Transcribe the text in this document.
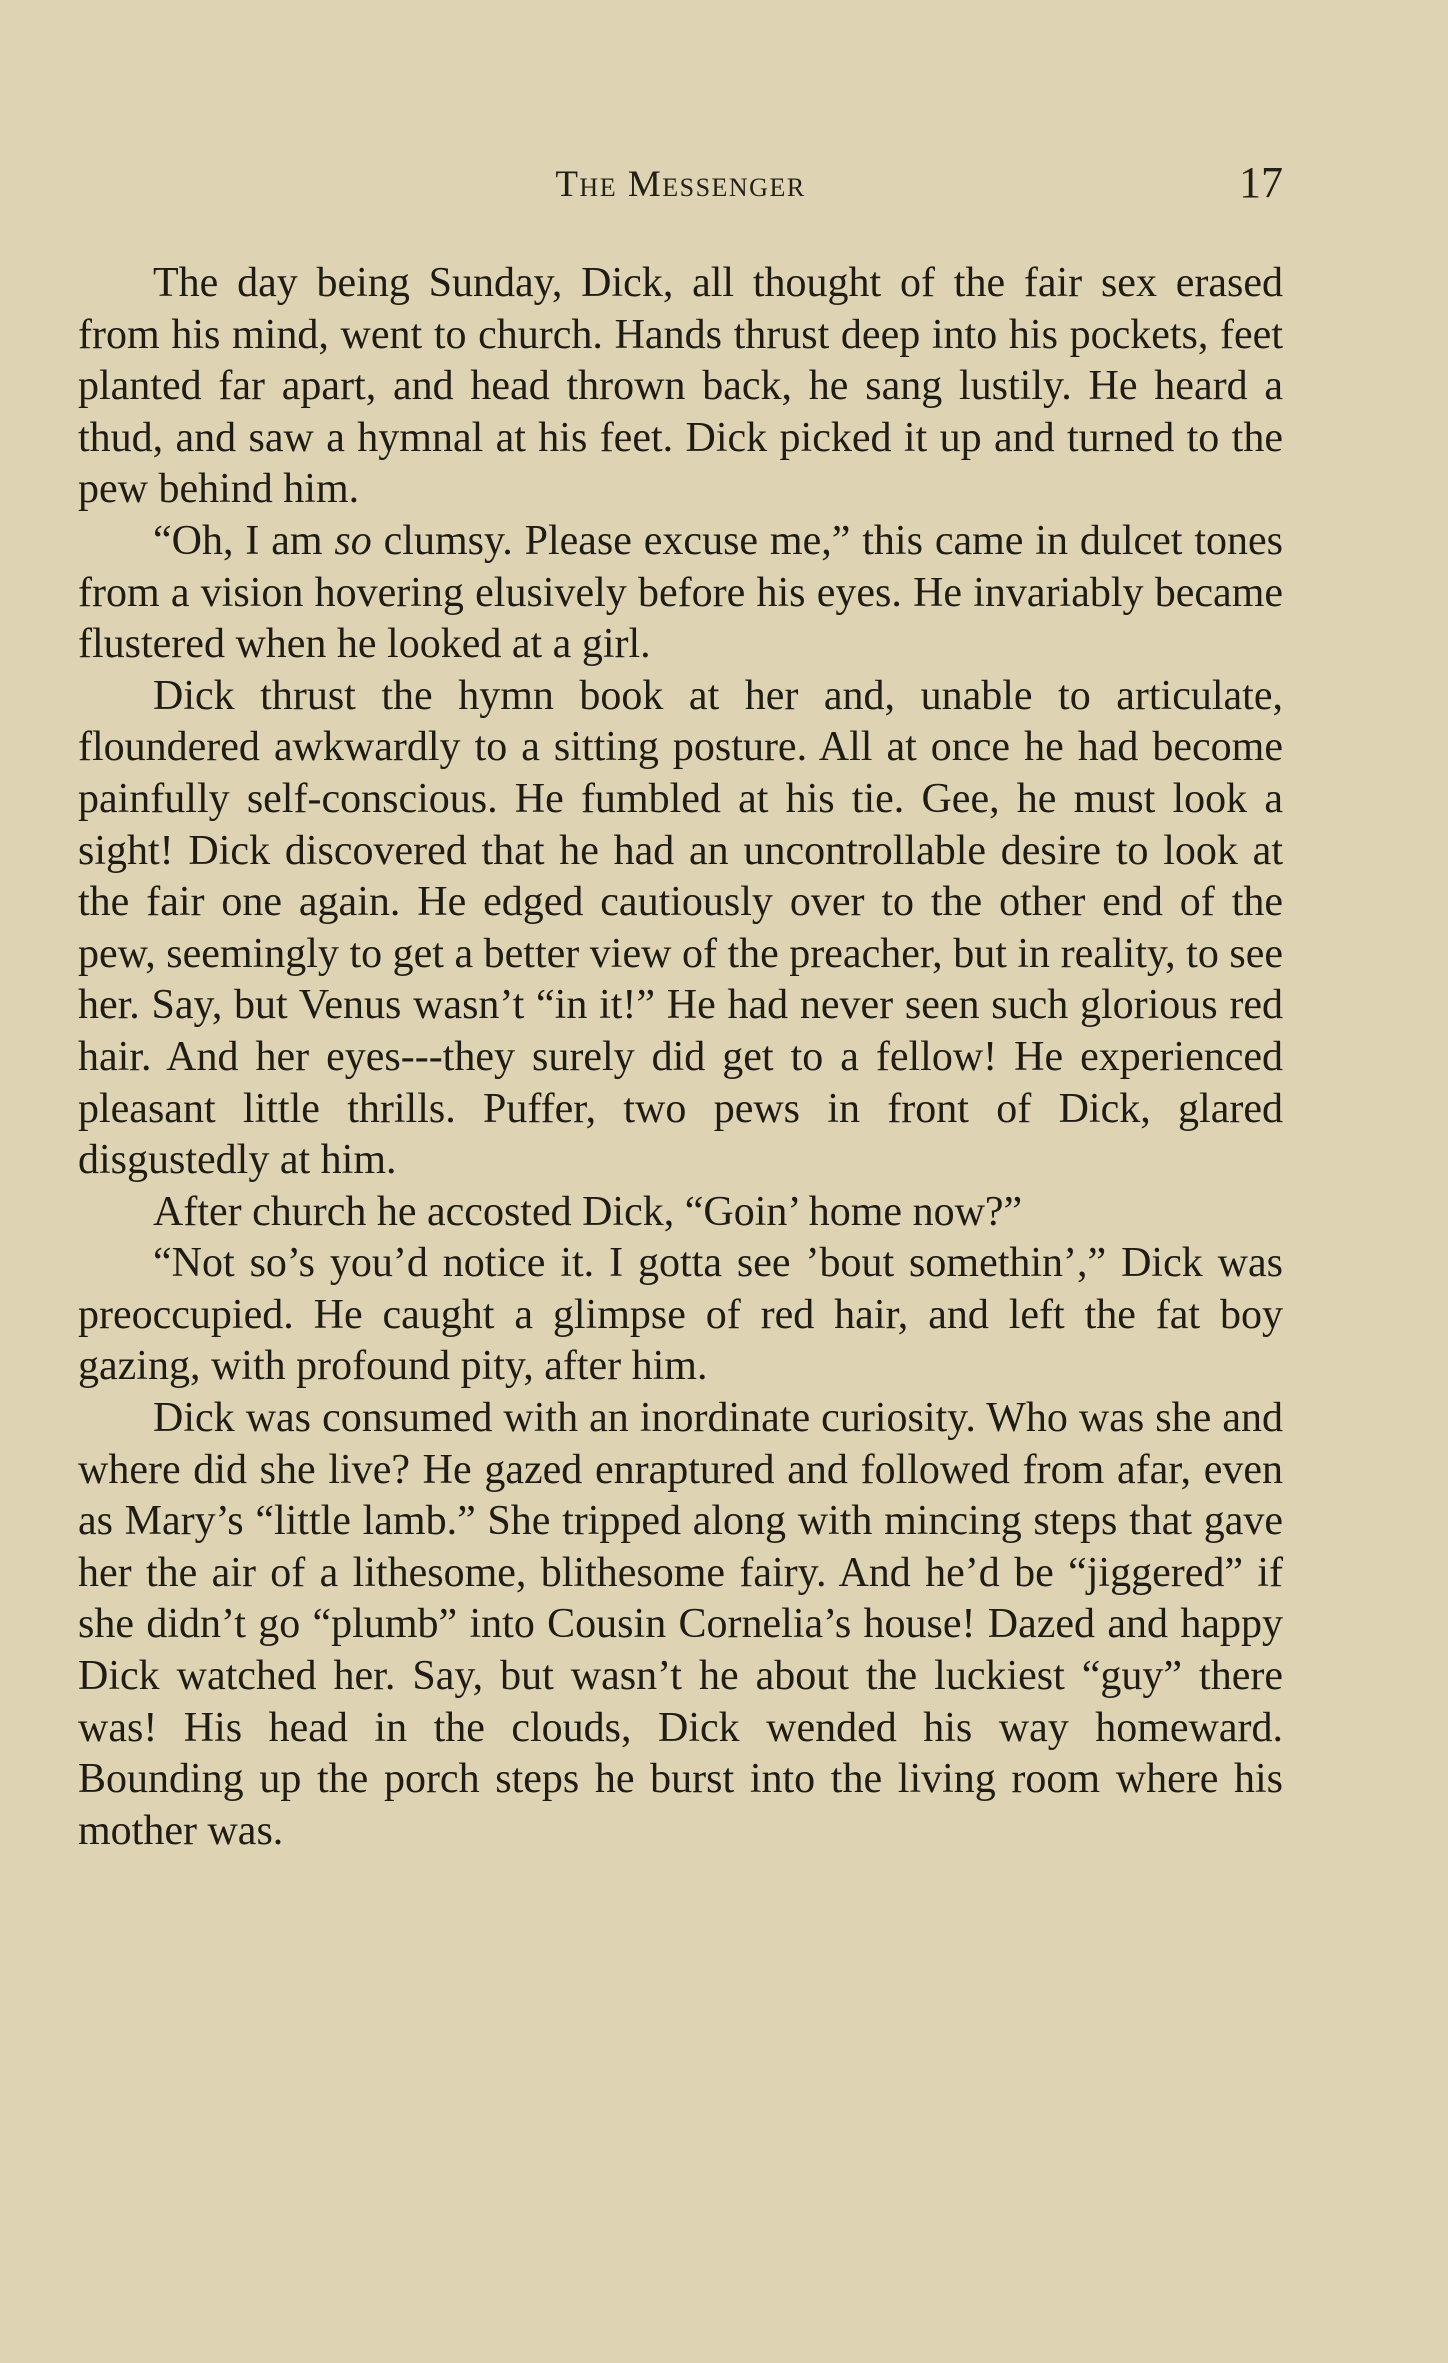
The Messenger	17

The day being Sunday, Dick, all thought of the fair sex erased from his mind, went to church. Hands thrust deep into his pockets, feet planted far apart, and head thrown back, he sang lustily. He heard a thud, and saw a hymnal at his feet. Dick picked it up and turned to the pew behind him.

“Oh, I am so clumsy. Please excuse me,” this came in dulcet tones from a vision hovering elusively before his eyes. He invariably became flustered when he looked at a girl.

Dick thrust the hymn book at her and, unable to articulate, floundered awkwardly to a sitting posture. All at once he had become painfully self-conscious. He fumbled at his tie. Gee, he must look a sight! Dick discovered that he had an uncontrollable desire to look at the fair one again. He edged cautiously over to the other end of the pew, seemingly to get a better view of the preacher, but in reality, to see her. Say, but Venus wasn’t “in it!” He had never seen such glorious red hair. And her eyes---they surely did get to a fellow! He experienced pleasant little thrills. Puffer, two pews in front of Dick, glared disgustedly at him.

After church he accosted Dick, “Goin’ home now?”

“Not so’s you’d notice it. I gotta see ’bout somethin’,” Dick was preoccupied. He caught a glimpse of red hair, and left the fat boy gazing, with profound pity, after him.

Dick was consumed with an inordinate curiosity. Who was she and where did she live? He gazed enraptured and followed from afar, even as Mary’s “little lamb.” She tripped along with mincing steps that gave her the air of a lithesome, blithesome fairy. And he’d be “jiggered” if she didn’t go “plumb” into Cousin Cornelia’s house! Dazed and happy Dick watched her. Say, but wasn’t he about the luckiest “guy” there was! His head in the clouds, Dick wended his way homeward. Bounding up the porch steps he burst into the living room where his mother was.
